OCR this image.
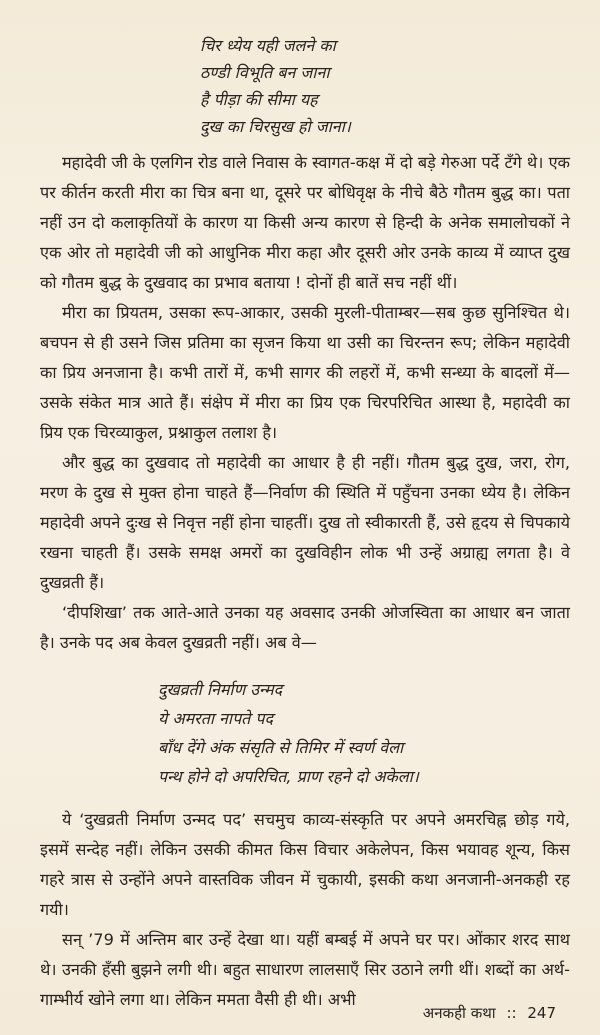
चिर ध्येय यही जलने का
ठण्डी विभूति बन जाना
है पीड़ा की सीमा यह
दुख का चिरसुख हो जाना।

महादेवी जी के एलगिन रोड वाले निवास के स्वागत-कक्ष में दो बड़े गेरुआ पर्दे टँगे थे। एक पर कीर्तन करती मीरा का चित्र बना था, दूसरे पर बोधिवृक्ष के नीचे बैठे गौतम बुद्ध का। पता नहीं उन दो कलाकृतियों के कारण या किसी अन्य कारण से हिन्दी के अनेक समालोचकों ने एक ओर तो महादेवी जी को आधुनिक मीरा कहा और दूसरी ओर उनके काव्य में व्याप्त दुख को गौतम बुद्ध के दुखवाद का प्रभाव बताया ! दोनों ही बातें सच नहीं थीं।

मीरा का प्रियतम, उसका रूप-आकार, उसकी मुरली-पीताम्बर—सब कुछ सुनिश्चित थे। बचपन से ही उसने जिस प्रतिमा का सृजन किया था उसी का चिरन्तन रूप; लेकिन महादेवी का प्रिय अनजाना है। कभी तारों में, कभी सागर की लहरों में, कभी सन्ध्या के बादलों में—उसके संकेत मात्र आते हैं। संक्षेप में मीरा का प्रिय एक चिरपरिचित आस्था है, महादेवी का प्रिय एक चिरव्याकुल, प्रश्नाकुल तलाश है।

और बुद्ध का दुखवाद तो महादेवी का आधार है ही नहीं। गौतम बुद्ध दुख, जरा, रोग, मरण के दुख से मुक्त होना चाहते हैं—निर्वाण की स्थिति में पहुँचना उनका ध्येय है। लेकिन महादेवी अपने दुःख से निवृत्त नहीं होना चाहतीं। दुख तो स्वीकारती हैं, उसे हृदय से चिपकाये रखना चाहती हैं। उसके समक्ष अमरों का दुखविहीन लोक भी उन्हें अग्राह्य लगता है। वे दुखव्रती हैं।

‘दीपशिखा’ तक आते-आते उनका यह अवसाद उनकी ओजस्विता का आधार बन जाता है। उनके पद अब केवल दुखव्रती नहीं। अब वे—

दुखव्रती निर्माण उन्मद
ये अमरता नापते पद
बाँध देंगे अंक संसृति से तिमिर में स्वर्ण वेला
पन्थ होने दो अपरिचित, प्राण रहने दो अकेला।

ये ‘दुखव्रती निर्माण उन्मद पद’ सचमुच काव्य-संस्कृति पर अपने अमरचिह्न छोड़ गये, इसमें सन्देह नहीं। लेकिन उसकी कीमत किस विचार अकेलेपन, किस भयावह शून्य, किस गहरे त्रास से उन्होंने अपने वास्तविक जीवन में चुकायी, इसकी कथा अनजानी-अनकही रह गयी।

सन् ’79 में अन्तिम बार उन्हें देखा था। यहीं बम्बई में अपने घर पर। ओंकार शरद साथ थे। उनकी हँसी बुझने लगी थी। बहुत साधारण लालसाएँ सिर उठाने लगी थीं। शब्दों का अर्थ-गाम्भीर्य खोने लगा था। लेकिन ममता वैसी ही थी। अभी

अनकही कथा :: 247
